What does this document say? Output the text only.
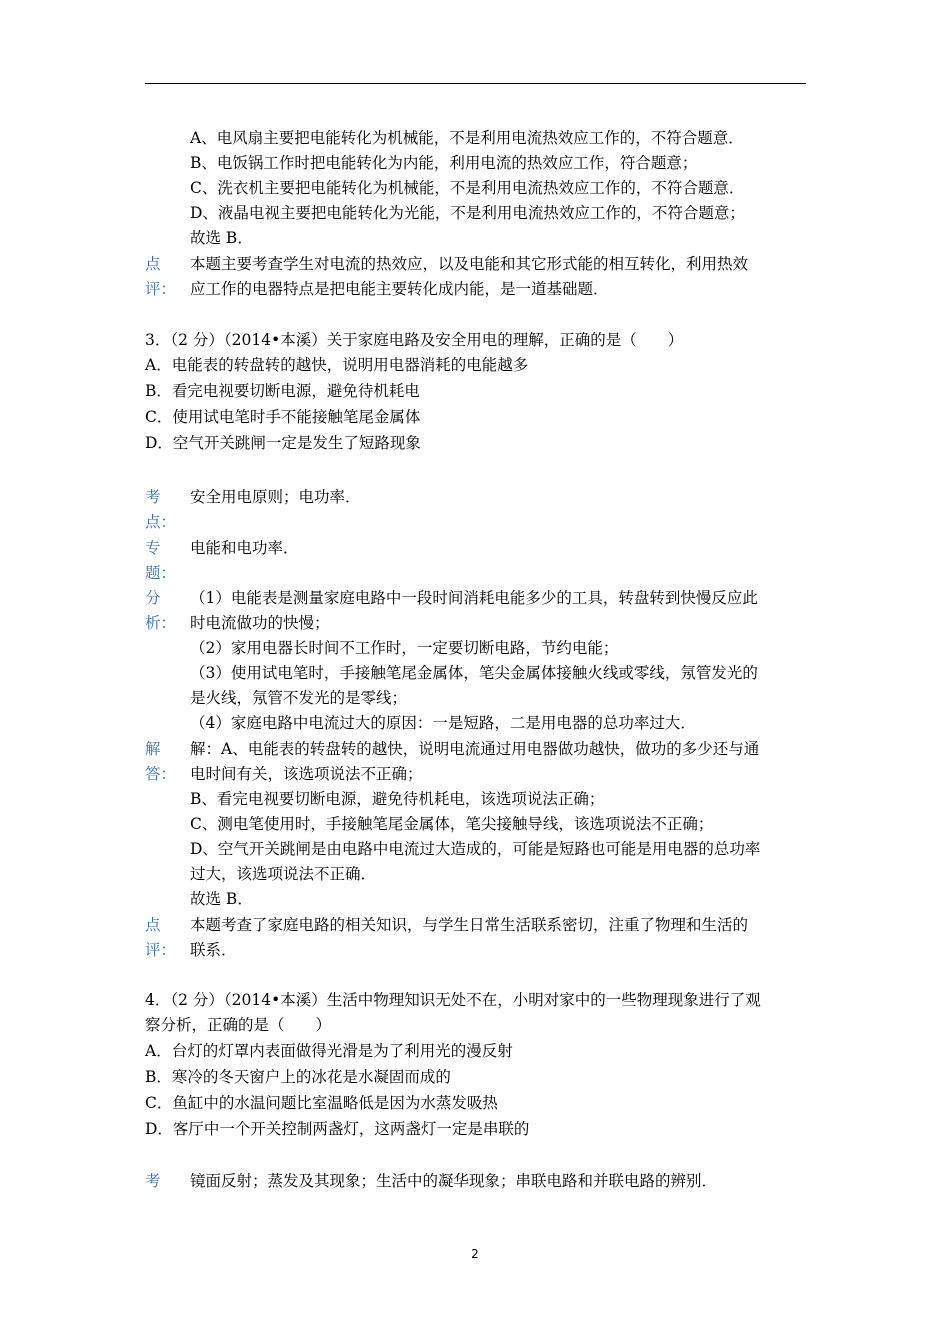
A、电风扇主要把电能转化为机械能，不是利用电流热效应工作的，不符合题意．
B、电饭锅工作时把电能转化为内能，利用电流的热效应工作，符合题意；
C、洗衣机主要把电能转化为机械能，不是利用电流热效应工作的，不符合题意．
D、液晶电视主要把电能转化为光能，不是利用电流热效应工作的，不符合题意；
故选 B．
点
评：
本题主要考查学生对电流的热效应，以及电能和其它形式能的相互转化，利用热效
应工作的电器特点是把电能主要转化成内能，是一道基础题．
3．（2 分）（2014•本溪）关于家庭电路及安全用电的理解，正确的是（　　）
A．电能表的转盘转的越快，说明用电器消耗的电能越多
B．看完电视要切断电源，避免待机耗电
C．使用试电笔时手不能接触笔尾金属体
D．空气开关跳闸一定是发生了短路现象
考
点：
安全用电原则；电功率．
专
题：
电能和电功率．
分
析：
（1）电能表是测量家庭电路中一段时间消耗电能多少的工具，转盘转到快慢反应此
时电流做功的快慢；
（2）家用电器长时间不工作时，一定要切断电路，节约电能；
（3）使用试电笔时，手接触笔尾金属体，笔尖金属体接触火线或零线，氖管发光的
是火线，氖管不发光的是零线；
（4）家庭电路中电流过大的原因：一是短路，二是用电器的总功率过大．
解
答：
解：A、电能表的转盘转的越快，说明电流通过用电器做功越快，做功的多少还与通
电时间有关，该选项说法不正确；
B、看完电视要切断电源，避免待机耗电，该选项说法正确；
C、测电笔使用时，手接触笔尾金属体，笔尖接触导线，该选项说法不正确；
D、空气开关跳闸是由电路中电流过大造成的，可能是短路也可能是用电器的总功率
过大，该选项说法不正确．
故选 B．
点
评：
本题考查了家庭电路的相关知识，与学生日常生活联系密切，注重了物理和生活的
联系．
4．（2 分）（2014•本溪）生活中物理知识无处不在，小明对家中的一些物理现象进行了观
察分析，正确的是（　　）
A．台灯的灯罩内表面做得光滑是为了利用光的漫反射
B．寒冷的冬天窗户上的冰花是水凝固而成的
C．鱼缸中的水温问题比室温略低是因为水蒸发吸热
D．客厅中一个开关控制两盏灯，这两盏灯一定是串联的
考 镜面反射；蒸发及其现象；生活中的凝华现象；串联电路和并联电路的辨别．
2
